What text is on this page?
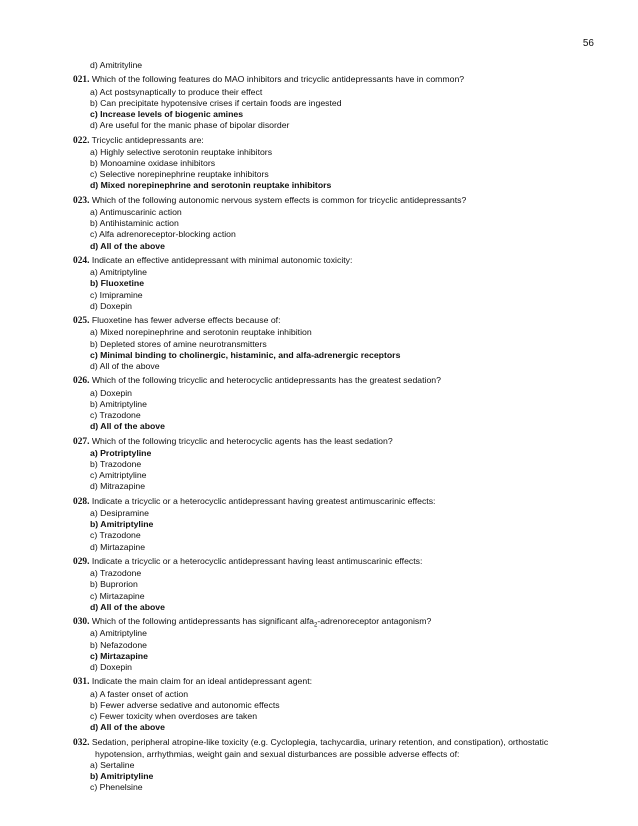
56
d) Amitrityline
021. Which of the following features do MAO inhibitors and tricyclic antidepressants have in common?
a) Act postsynaptically to produce their effect
b) Can precipitate hypotensive crises if certain foods are ingested
c) Increase levels of biogenic amines
d) Are useful for the manic phase of bipolar disorder
022. Tricyclic antidepressants are:
a) Highly selective serotonin reuptake inhibitors
b) Monoamine oxidase inhibitors
c) Selective norepinephrine reuptake inhibitors
d) Mixed norepinephrine and serotonin reuptake inhibitors
023. Which of the following autonomic nervous system effects is common for tricyclic antidepressants?
a) Antimuscarinic action
b) Antihistaminic action
c) Alfa adrenoreceptor-blocking action
d) All of the above
024. Indicate an effective antidepressant with minimal autonomic toxicity:
a) Amitriptyline
b) Fluoxetine
c) Imipramine
d) Doxepin
025. Fluoxetine has fewer adverse effects because of:
a) Mixed norepinephrine and serotonin reuptake inhibition
b) Depleted stores of amine neurotransmitters
c) Minimal binding to cholinergic, histaminic, and alfa-adrenergic receptors
d) All of the above
026. Which of the following tricyclic and heterocyclic antidepressants has the greatest sedation?
a) Doxepin
b) Amitriptyline
c) Trazodone
d) All of the above
027. Which of the following tricyclic and heterocyclic agents has the least sedation?
a) Protriptyline
b) Trazodone
c) Amitriptyline
d) Mitrazapine
028. Indicate a tricyclic or a heterocyclic antidepressant having greatest antimuscarinic effects:
a) Desipramine
b) Amitriptyline
c) Trazodone
d) Mirtazapine
029. Indicate a tricyclic or a heterocyclic antidepressant having least antimuscarinic effects:
a) Trazodone
b) Buprorion
c) Mirtazapine
d) All of the above
030. Which of the following antidepressants has significant alfa$_2$-adrenoreceptor antagonism?
a) Amitriptyline
b) Nefazodone
c) Mirtazapine
d) Doxepin
031. Indicate the main claim for an ideal antidepressant agent:
a) A faster onset of action
b) Fewer adverse sedative and autonomic effects
c) Fewer toxicity when overdoses are taken
d) All of the above
032. Sedation, peripheral atropine-like toxicity (e.g. Cycloplegia, tachycardia, urinary retention, and constipation), orthostatic
hypotension, arrhythmias, weight gain and sexual disturbances are possible adverse effects of:
a) Sertaline
b) Amitriptyline
c) Phenelsine
